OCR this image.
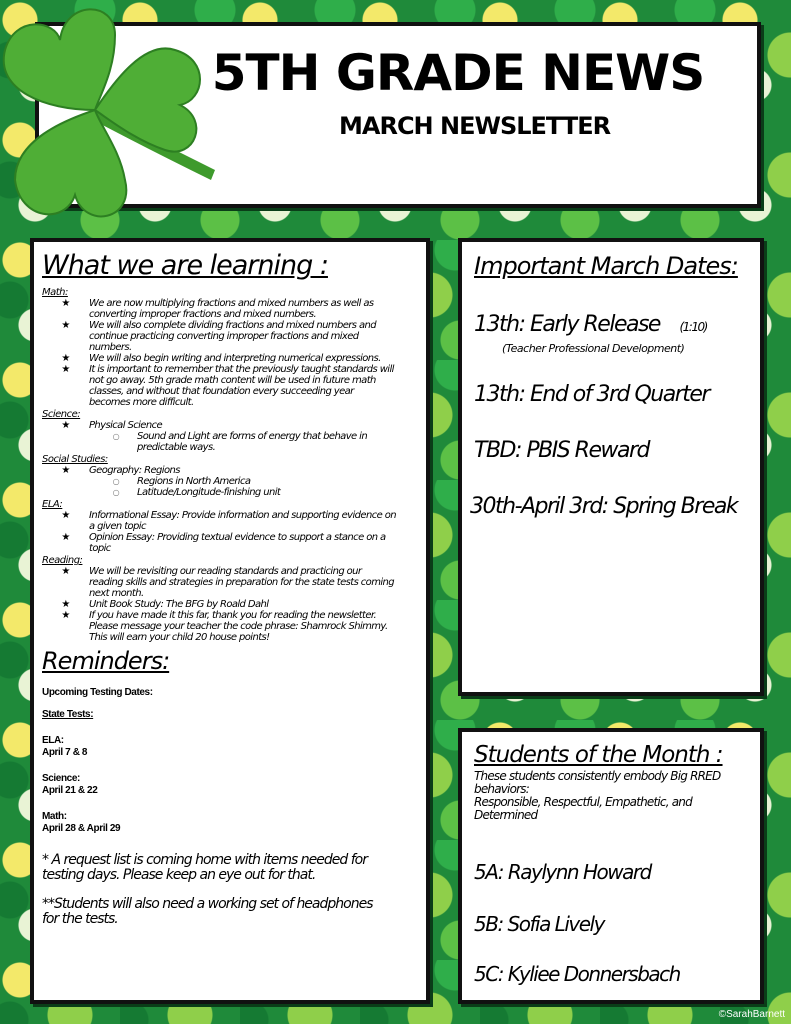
5TH GRADE NEWS
MARCH NEWSLETTER
What we are learning :
Math:
★	We are now multiplying fractions and mixed numbers as well as converting improper fractions and mixed numbers.
★	We will also complete dividing fractions and mixed numbers and continue practicing converting improper fractions and mixed numbers.
★	We will also begin writing and interpreting numerical expressions.
★	It is important to remember that the previously taught standards will not go away. 5th grade math content will be used in future math classes, and without that foundation every succeeding year becomes more difficult.
Science:
★	Physical Science
○	Sound and Light are forms of energy that behave in predictable ways.
Social Studies:
★	Geography: Regions
○	Regions in North America
○	Latitude/Longitude-finishing unit
ELA:
★	Informational Essay: Provide information and supporting evidence on a given topic
★	Opinion Essay: Providing textual evidence to support a stance on a topic
Reading:
★	We will be revisiting our reading standards and practicing our reading skills and strategies in preparation for the state tests coming next month.
★	Unit Book Study: The BFG by Roald Dahl
★	If you have made it this far, thank you for reading the newsletter. Please message your teacher the code phrase: Shamrock Shimmy. This will earn your child 20 house points!
Reminders:
Upcoming Testing Dates:
State Tests:
ELA:
April 7 & 8
Science:
April 21 & 22
Math:
April 28 & April 29
* A request list is coming home with items needed for testing days. Please keep an eye out for that.
**Students will also need a working set of headphones for the tests.
Important March Dates:
13th: Early Release (1:10)
(Teacher Professional Development)
13th: End of 3rd Quarter
TBD: PBIS Reward
30th-April 3rd: Spring Break
Students of the Month :
These students consistently embody Big RRED behaviors:
Responsible, Respectful, Empathetic, and Determined
5A: Raylynn Howard
5B: Sofia Lively
5C: Kyliee Donnersbach
©SarahBarnett
